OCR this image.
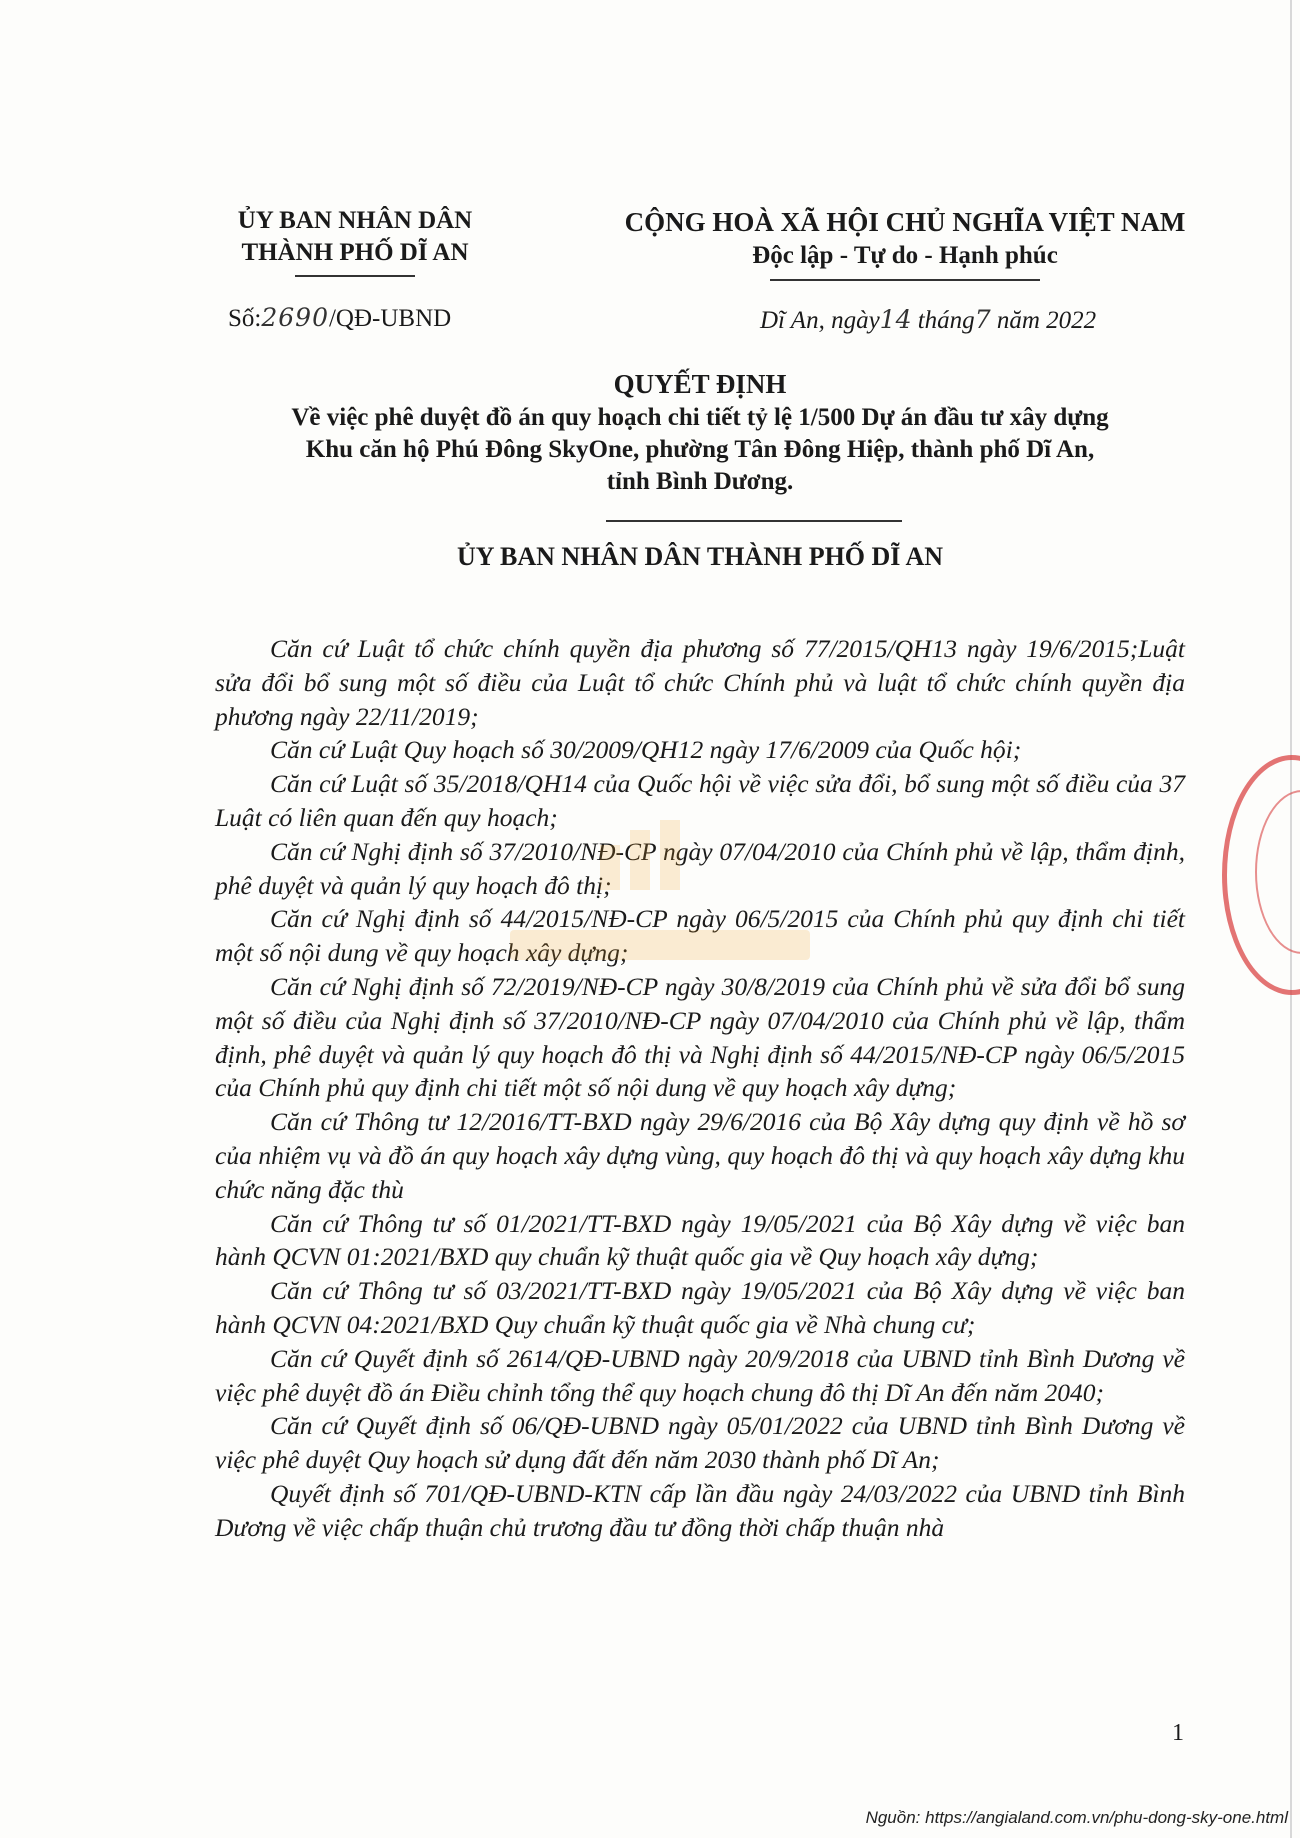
ỦY BAN NHÂN DÂN
THÀNH PHỐ DĨ AN
CỘNG HOÀ XÃ HỘI CHỦ NGHĨA VIỆT NAM
Độc lập - Tự do - Hạnh phúc
Số:2690/QĐ-UBND	Dĩ An, ngày14 tháng7 năm 2022
QUYẾT ĐỊNH
Về việc phê duyệt đồ án quy hoạch chi tiết tỷ lệ 1/500 Dự án đầu tư xây dựng
Khu căn hộ Phú Đông SkyOne, phường Tân Đông Hiệp, thành phố Dĩ An,
tỉnh Bình Dương.
ỦY BAN NHÂN DÂN THÀNH PHỐ DĨ AN

Căn cứ Luật tổ chức chính quyền địa phương số 77/2015/QH13 ngày 19/6/2015;Luật sửa đổi bổ sung một số điều của Luật tổ chức Chính phủ và luật tổ chức chính quyền địa phương ngày 22/11/2019;

Căn cứ Luật Quy hoạch số 30/2009/QH12 ngày 17/6/2009 của Quốc hội;

Căn cứ Luật số 35/2018/QH14 của Quốc hội về việc sửa đổi, bổ sung một số điều của 37 Luật có liên quan đến quy hoạch;

Căn cứ Nghị định số 37/2010/NĐ-CP ngày 07/04/2010 của Chính phủ về lập, thẩm định, phê duyệt và quản lý quy hoạch đô thị;

Căn cứ Nghị định số 44/2015/NĐ-CP ngày 06/5/2015 của Chính phủ quy định chi tiết một số nội dung về quy hoạch xây dựng;

Căn cứ Nghị định số 72/2019/NĐ-CP ngày 30/8/2019 của Chính phủ về sửa đổi bổ sung một số điều của Nghị định số 37/2010/NĐ-CP ngày 07/04/2010 của Chính phủ về lập, thẩm định, phê duyệt và quản lý quy hoạch đô thị và Nghị định số 44/2015/NĐ-CP ngày 06/5/2015 của Chính phủ quy định chi tiết một số nội dung về quy hoạch xây dựng;

Căn cứ Thông tư 12/2016/TT-BXD ngày 29/6/2016 của Bộ Xây dựng quy định về hồ sơ của nhiệm vụ và đồ án quy hoạch xây dựng vùng, quy hoạch đô thị và quy hoạch xây dựng khu chức năng đặc thù

Căn cứ Thông tư số 01/2021/TT-BXD ngày 19/05/2021 của Bộ Xây dựng về việc ban hành QCVN 01:2021/BXD quy chuẩn kỹ thuật quốc gia về Quy hoạch xây dựng;

Căn cứ Thông tư số 03/2021/TT-BXD ngày 19/05/2021 của Bộ Xây dựng về việc ban hành QCVN 04:2021/BXD Quy chuẩn kỹ thuật quốc gia về Nhà chung cư;

Căn cứ Quyết định số 2614/QĐ-UBND ngày 20/9/2018 của UBND tỉnh Bình Dương về việc phê duyệt đồ án Điều chỉnh tổng thể quy hoạch chung đô thị Dĩ An đến năm 2040;

Căn cứ Quyết định số 06/QĐ-UBND ngày 05/01/2022 của UBND tỉnh Bình Dương về việc phê duyệt Quy hoạch sử dụng đất đến năm 2030 thành phố Dĩ An;

Quyết định số 701/QĐ-UBND-KTN cấp lần đầu ngày 24/03/2022 của UBND tỉnh Bình Dương về việc chấp thuận chủ trương đầu tư đồng thời chấp thuận nhà

1
Nguồn: https://angialand.com.vn/phu-dong-sky-one.html
